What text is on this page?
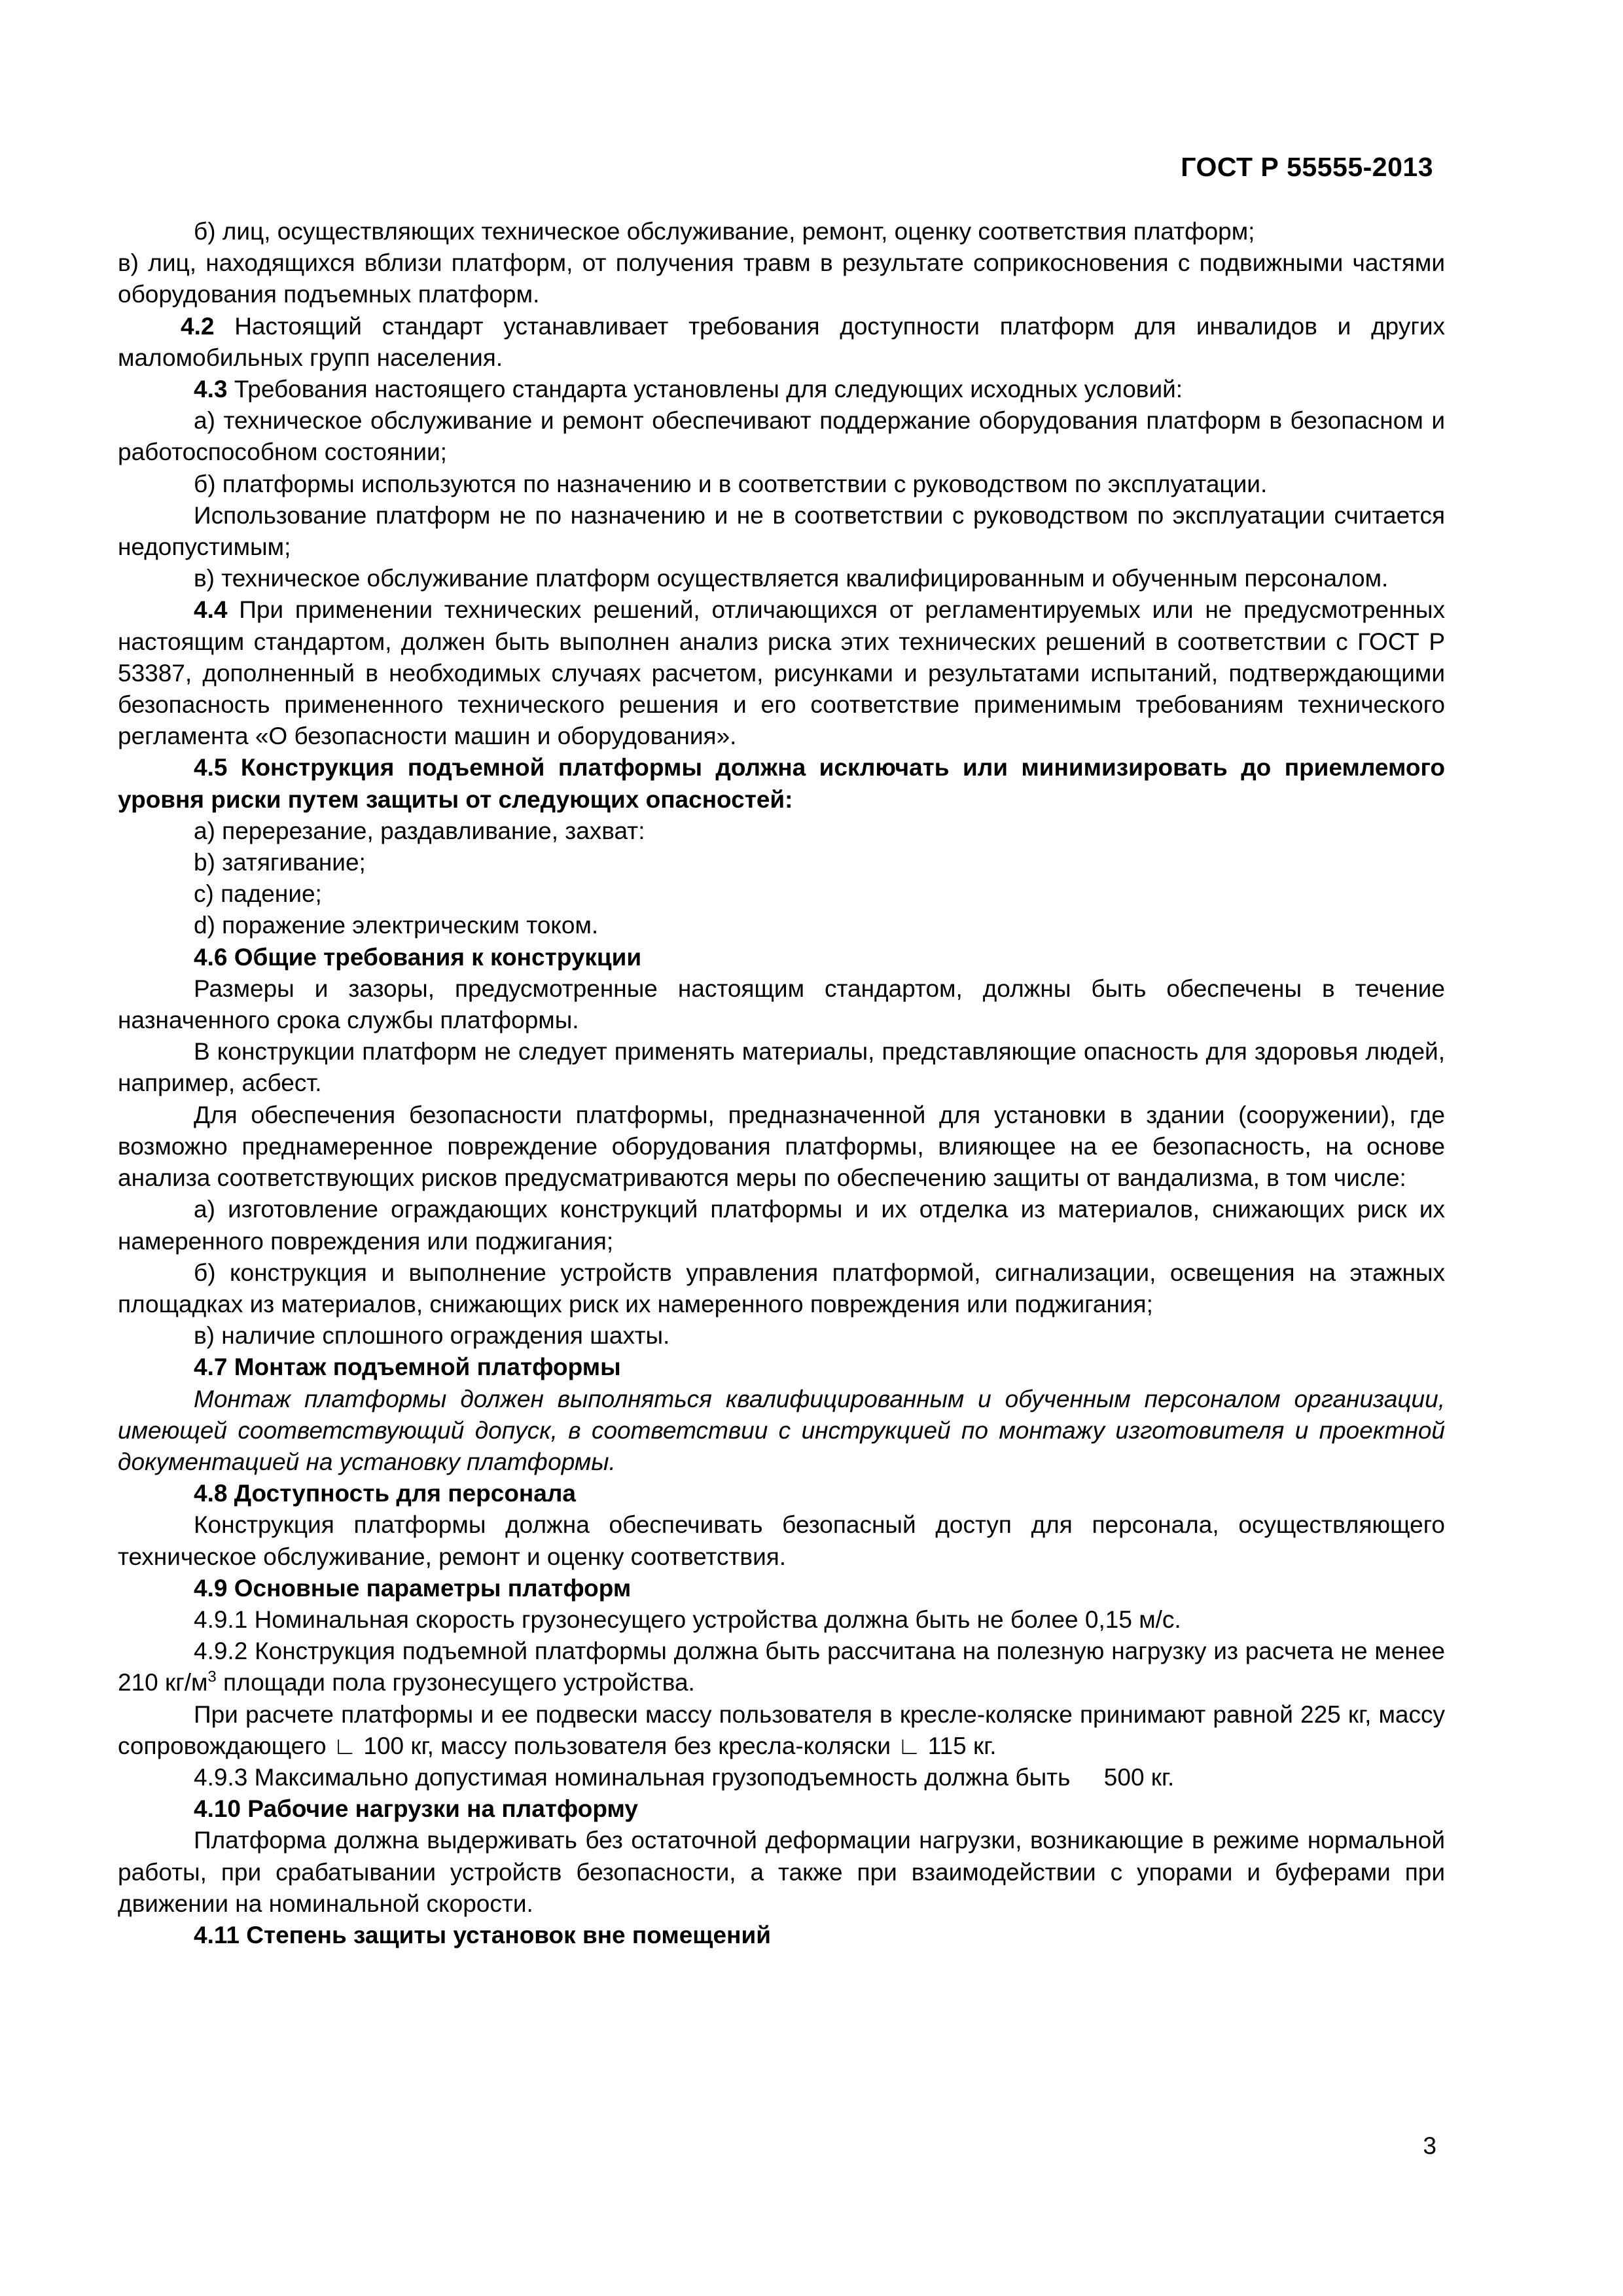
ГОСТ Р 55555-2013

б) лиц, осуществляющих техническое обслуживание, ремонт, оценку соответствия платформ;

в) лиц, находящихся вблизи платформ, от получения травм в результате соприкосновения с подвижными частями оборудования подъемных платформ.

4.2 Настоящий стандарт устанавливает требования доступности платформ для инвалидов и других маломобильных групп населения.

4.3 Требования настоящего стандарта установлены для следующих исходных условий:

а) техническое обслуживание и ремонт обеспечивают поддержание оборудования платформ в безопасном и работоспособном состоянии;

б) платформы используются по назначению и в соответствии с руководством по эксплуатации.

Использование платформ не по назначению и не в соответствии с руководством по эксплуатации считается недопустимым;

в) техническое обслуживание платформ осуществляется квалифицированным и обученным персоналом.

4.4 При применении технических решений, отличающихся от регламентируемых или не предусмотренных настоящим стандартом, должен быть выполнен анализ риска этих технических решений в соответствии с ГОСТ Р 53387, дополненный в необходимых случаях расчетом, рисунками и результатами испытаний, подтверждающими безопасность примененного технического решения и его соответствие применимым требованиям технического регламента «О безопасности машин и оборудования».

4.5 Конструкция подъемной платформы должна исключать или минимизировать до приемлемого уровня риски путем защиты от следующих опасностей:

а) перерезание, раздавливание, захват:

b) затягивание;

с) падение;

d) поражение электрическим током.

4.6 Общие требования к конструкции

Размеры и зазоры, предусмотренные настоящим стандартом, должны быть обеспечены в течение назначенного срока службы платформы.

В конструкции платформ не следует применять материалы, представляющие опасность для здоровья людей, например, асбест.

Для обеспечения безопасности платформы, предназначенной для установки в здании (сооружении), где возможно преднамеренное повреждение оборудования платформы, влияющее на ее безопасность, на основе анализа соответствующих рисков предусматриваются меры по обеспечению защиты от вандализма, в том числе:

а) изготовление ограждающих конструкций платформы и их отделка из материалов, снижающих риск их намеренного повреждения или поджигания;

б) конструкция и выполнение устройств управления платформой, сигнализации, освещения на этажных площадках из материалов, снижающих риск их намеренного повреждения или поджигания;

в) наличие сплошного ограждения шахты.

4.7 Монтаж подъемной платформы

Монтаж платформы должен выполняться квалифицированным и обученным персоналом организации, имеющей соответствующий допуск, в соответствии с инструкцией по монтажу изготовителя и проектной документацией на установку платформы.

4.8 Доступность для персонала

Конструкция платформы должна обеспечивать безопасный доступ для персонала, осуществляющего техническое обслуживание, ремонт и оценку соответствия.

4.9 Основные параметры платформ

4.9.1 Номинальная скорость грузонесущего устройства должна быть не более 0,15 м/с.

4.9.2 Конструкция подъемной платформы должна быть рассчитана на полезную нагрузку из расчета не менее 210 $кг/м^3$ площади пола грузонесущего устройства.

При расчете платформы и ее подвески массу пользователя в кресле-коляске принимают равной 225 кг, массу сопровождающего ∟ 100 кг, массу пользователя без кресла-коляски ∟ 115 кг.

4.9.3 Максимально допустимая номинальная грузоподъемность должна быть     500 кг.

4.10 Рабочие нагрузки на платформу

Платформа должна выдерживать без остаточной деформации нагрузки, возникающие в режиме нормальной работы, при срабатывании устройств безопасности, а также при взаимодействии с упорами и буферами при движении на номинальной скорости.

4.11 Степень защиты установок вне помещений

3
